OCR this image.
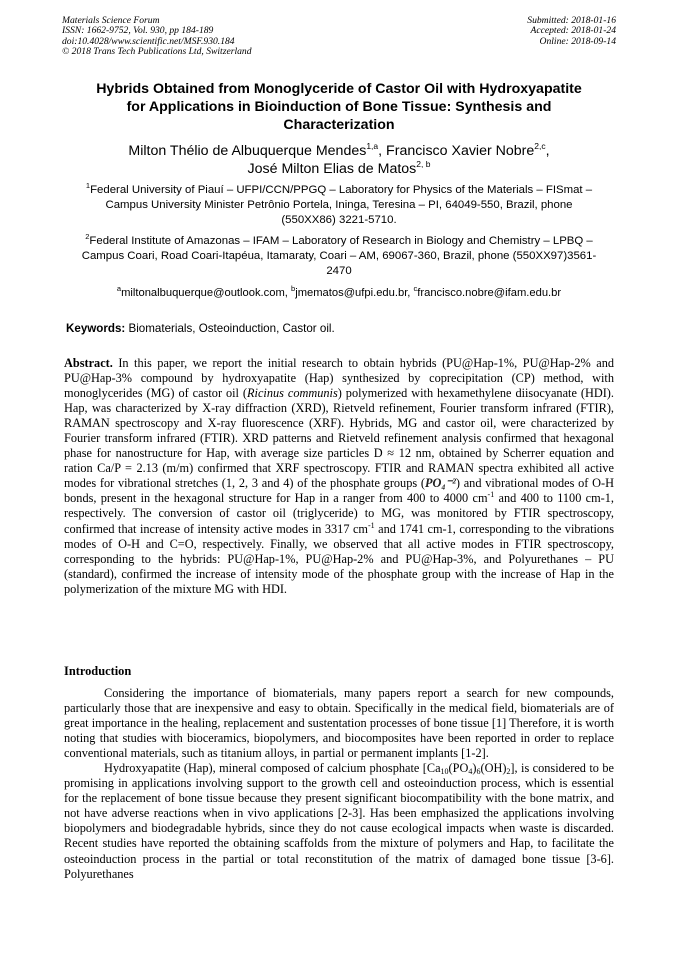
Materials Science Forum
ISSN: 1662-9752, Vol. 930, pp 184-189
doi:10.4028/www.scientific.net/MSF.930.184
© 2018 Trans Tech Publications Ltd, Switzerland
Submitted: 2018-01-16
Accepted: 2018-01-24
Online: 2018-09-14
Hybrids Obtained from Monoglyceride of Castor Oil with Hydroxyapatite
for Applications in Bioinduction of Bone Tissue: Synthesis and
Characterization
Milton Thélio de Albuquerque Mendes$^{1,a}$, Francisco Xavier Nobre$^{2,c}$,
José Milton Elias de Matos$^{2, b}$
$^1$Federal University of Piauí – UFPI/CCN/PPGQ – Laboratory for Physics of the Materials – FISmat – Campus University Minister Petrônio Portela, Ininga, Teresina – PI, 64049-550, Brazil, phone (550XX86) 3221-5710.
$^2$Federal Institute of Amazonas – IFAM – Laboratory of Research in Biology and Chemistry – LPBQ – Campus Coari, Road Coari-Itapéua, Itamaraty, Coari – AM, 69067-360, Brazil, phone (550XX97)3561-2470
$^a$miltonalbuquerque@outlook.com, $^b$jmematos@ufpi.edu.br, $^c$francisco.nobre@ifam.edu.br
Keywords: Biomaterials, Osteoinduction, Castor oil.
Abstract. In this paper, we report the initial research to obtain hybrids (PU@Hap-1%, PU@Hap-2% and PU@Hap-3% compound by hydroxyapatite (Hap) synthesized by coprecipitation (CP) method, with monoglycerides (MG) of castor oil (Ricinus communis) polymerized with hexamethylene diisocyanate (HDI). Hap, was characterized by X-ray diffraction (XRD), Rietveld refinement, Fourier transform infrared (FTIR), RAMAN spectroscopy and X-ray fluorescence (XRF). Hybrids, MG and castor oil, were characterized by Fourier transform infrared (FTIR). XRD patterns and Rietveld refinement analysis confirmed that hexagonal phase for nanostructure for Hap, with average size particles D ≈ 12 nm, obtained by Scherrer equation and ration Ca/P = 2.13 (m/m) confirmed that XRF spectroscopy. FTIR and RAMAN spectra exhibited all active modes for vibrational stretches (1, 2, 3 and 4) of the phosphate groups (PO₄⁻²) and vibrational modes of O-H bonds, present in the hexagonal structure for Hap in a ranger from 400 to 4000 $cm^{-1}$ and 400 to 1100 cm-1, respectively. The conversion of castor oil (triglyceride) to MG, was monitored by FTIR spectroscopy, confirmed that increase of intensity active modes in 3317 $cm^{-1}$ and 1741 cm-1, corresponding to the vibrations modes of O-H and C=O, respectively. Finally, we observed that all active modes in FTIR spectroscopy, corresponding to the hybrids: PU@Hap-1%, PU@Hap-2% and PU@Hap-3%, and Polyurethanes – PU (standard), confirmed the increase of intensity mode of the phosphate group with the increase of Hap in the polymerization of the mixture MG with HDI.
Introduction

Considering the importance of biomaterials, many papers report a search for new compounds, particularly those that are inexpensive and easy to obtain. Specifically in the medical field, biomaterials are of great importance in the healing, replacement and sustentation processes of bone tissue [1] Therefore, it is worth noting that studies with bioceramics, biopolymers, and biocomposites have been reported in order to replace conventional materials, such as titanium alloys, in partial or permanent implants [1-2].

Hydroxyapatite (Hap), mineral composed of calcium phosphate $[Ca_{10}(PO_4)_6(OH)_2]$, is considered to be promising in applications involving support to the growth cell and osteoinduction process, which is essential for the replacement of bone tissue because they present significant biocompatibility with the bone matrix, and not have adverse reactions when in vivo applications [2-3]. Has been emphasized the applications involving biopolymers and biodegradable hybrids, since they do not cause ecological impacts when waste is discarded. Recent studies have reported the obtaining scaffolds from the mixture of polymers and Hap, to facilitate the osteoinduction process in the partial or total reconstitution of the matrix of damaged bone tissue [3-6]. Polyurethanes
